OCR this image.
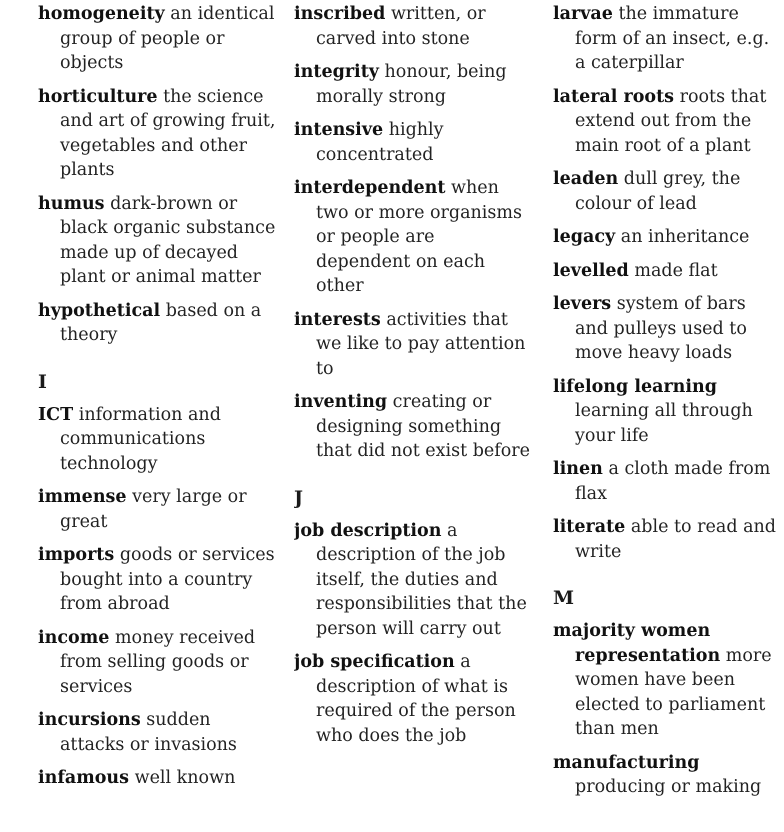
homogeneity an identical group of people or objects
horticulture the science and art of growing fruit, vegetables and other plants
humus dark-brown or black organic substance made up of decayed plant or animal matter
hypothetical based on a theory
I
ICT information and communications technology
immense very large or great
imports goods or services bought into a country from abroad
income money received from selling goods or services
incursions sudden attacks or invasions
infamous well known
inscribed written, or carved into stone
integrity honour, being morally strong
intensive highly concentrated
interdependent when two or more organisms or people are dependent on each other
interests activities that we like to pay attention to
inventing creating or designing something that did not exist before
J
job description a description of the job itself, the duties and responsibilities that the person will carry out
job specification a description of what is required of the person who does the job
larvae the immature form of an insect, e.g. a caterpillar
lateral roots roots that extend out from the main root of a plant
leaden dull grey, the colour of lead
legacy an inheritance
levelled made flat
levers system of bars and pulleys used to move heavy loads
lifelong learning learning all through your life
linen a cloth made from flax
literate able to read and write
M
majority women representation more women have been elected to parliament than men
manufacturing producing or making
